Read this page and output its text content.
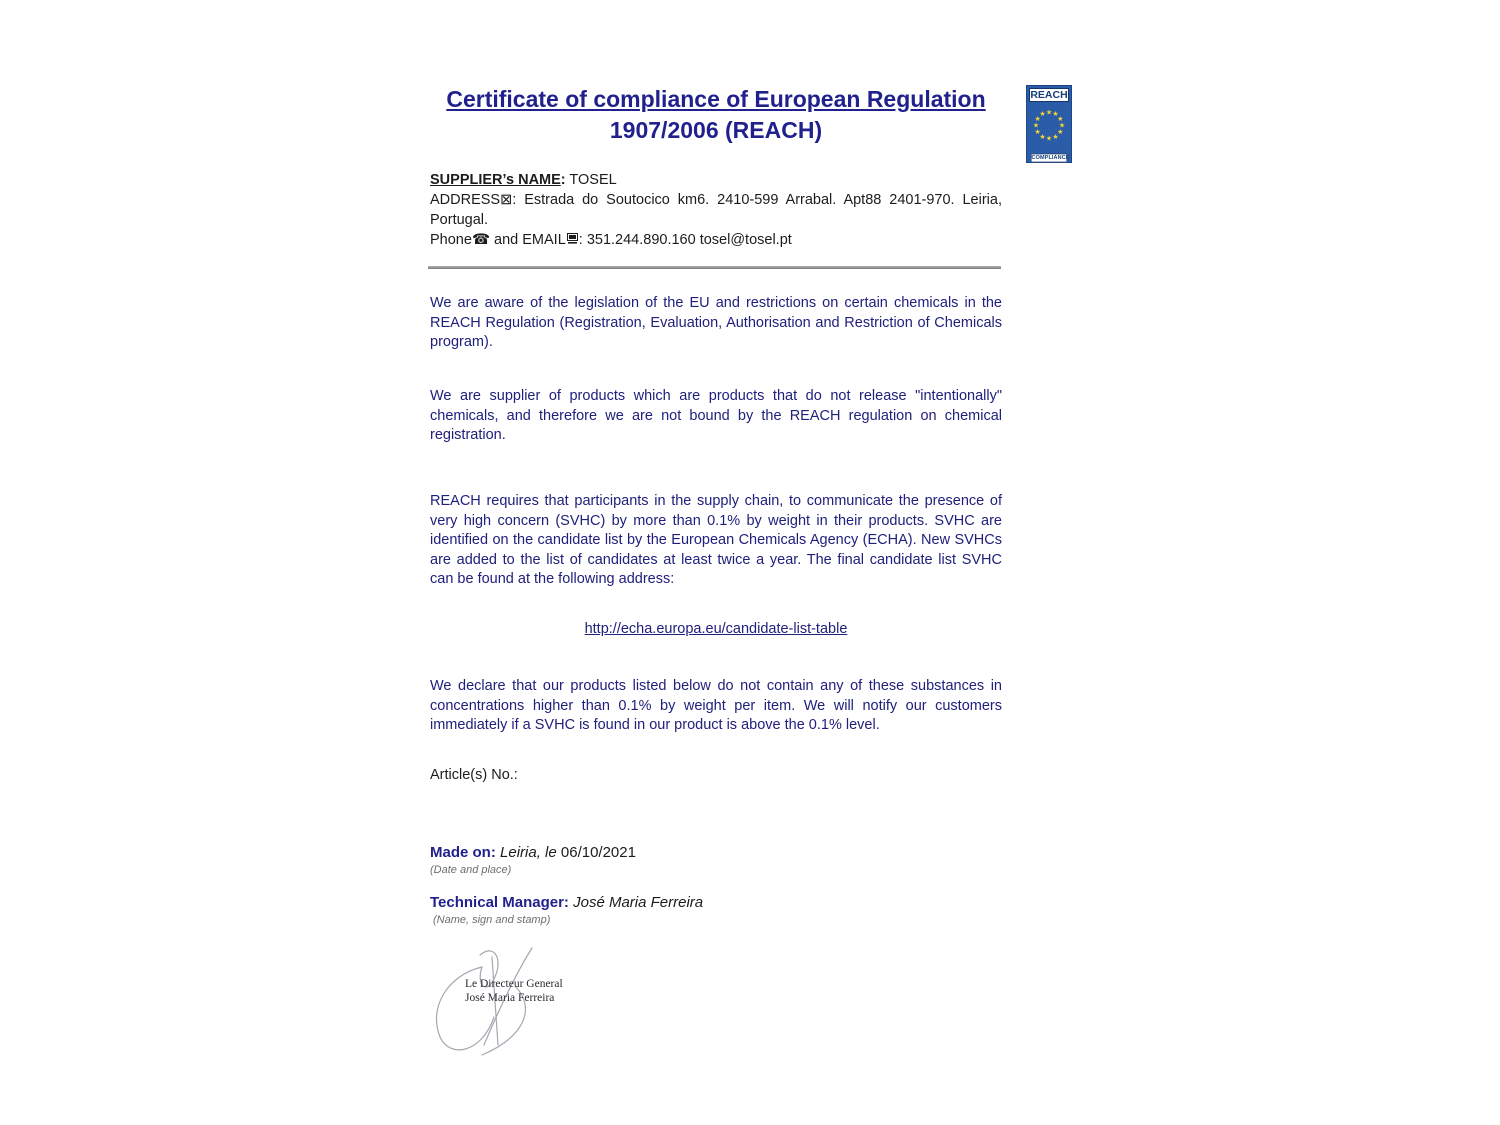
Certificate of compliance of European Regulation
1907/2006 (REACH)
REACH
★ ★
★
★
★
★
★
★
★
★
★
★
COMPLIANCE
SUPPLIER’s NAME: TOSEL
ADDRESS⊠: Estrada do Soutocico km6. 2410-599 Arrabal. Apt88 2401-970. Leiria, Portugal.
Phone☎ and EMAIL : 351.244.890.160 tosel@tosel.pt
We are aware of the legislation of the EU and restrictions on certain chemicals in the REACH Regulation (Registration, Evaluation, Authorisation and Restriction of Chemicals program).
We are supplier of products which are products that do not release "intentionally" chemicals, and therefore we are not bound by the REACH regulation on chemical registration.
REACH requires that participants in the supply chain, to communicate the presence of very high concern (SVHC) by more than 0.1% by weight in their products. SVHC are identified on the candidate list by the European Chemicals Agency (ECHA). New SVHCs are added to the list of candidates at least twice a year. The final candidate list SVHC can be found at the following address:
http://echa.europa.eu/candidate-list-table
We declare that our products listed below do not contain any of these substances in concentrations higher than 0.1% by weight per item. We will notify our customers immediately if a SVHC is found in our product is above the 0.1% level.
Article(s) No.:
Made on: Leiria, le 06/10/2021
(Date and place)
Technical Manager: José Maria Ferreira
(Name, sign and stamp)
Le Directeur General
José Maria Ferreira
